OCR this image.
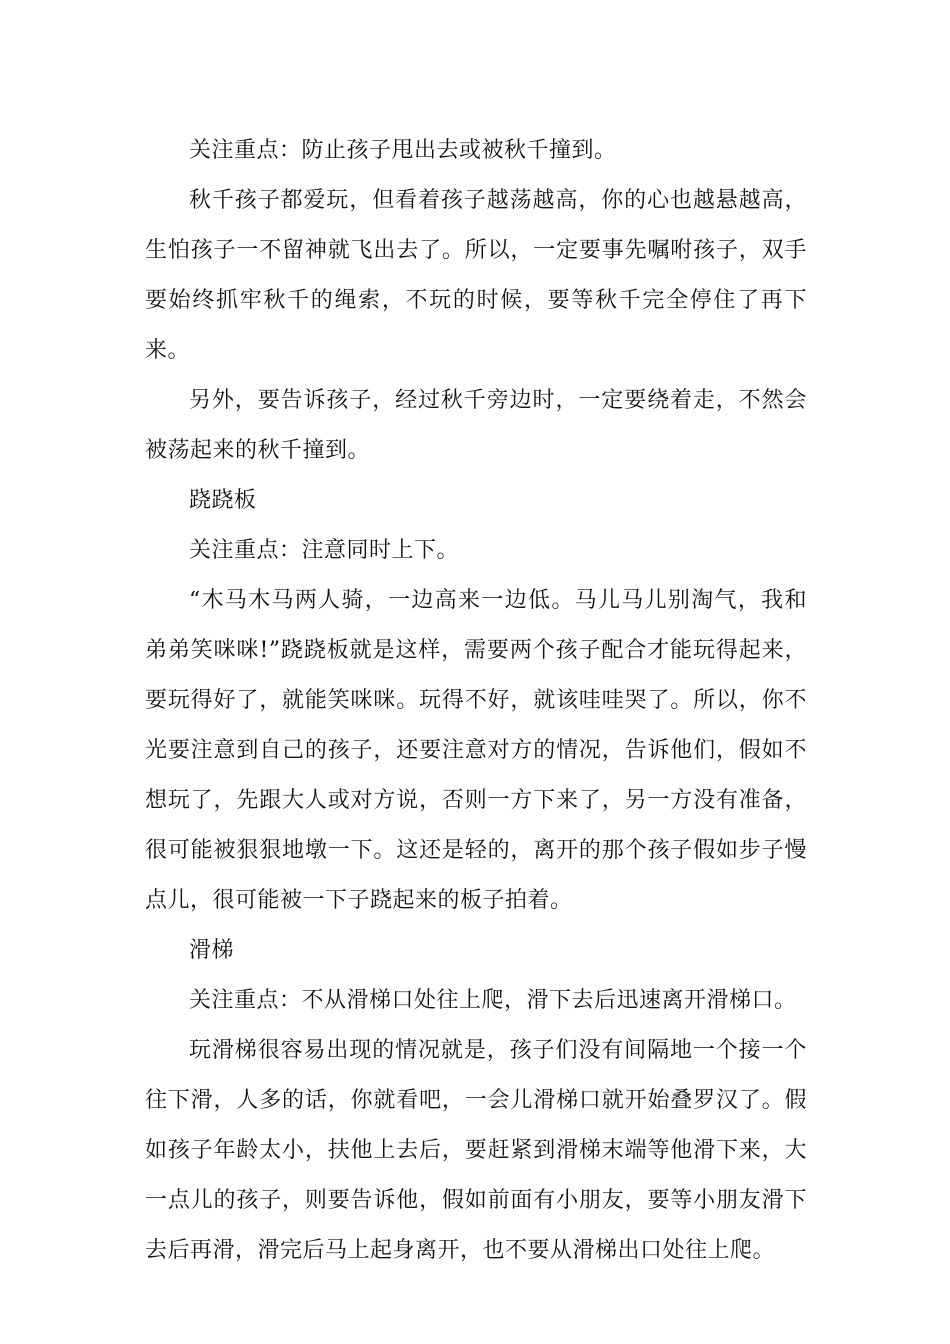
关注重点：防止孩子甩出去或被秋千撞到。

秋千孩子都爱玩，但看着孩子越荡越高，你的心也越悬越高，生怕孩子一不留神就飞出去了。所以，一定要事先嘱咐孩子，双手要始终抓牢秋千的绳索，不玩的时候，要等秋千完全停住了再下来。

另外，要告诉孩子，经过秋千旁边时，一定要绕着走，不然会被荡起来的秋千撞到。

跷跷板

关注重点：注意同时上下。

“木马木马两人骑，一边高来一边低。马儿马儿别淘气，我和弟弟笑咪咪!”跷跷板就是这样，需要两个孩子配合才能玩得起来，要玩得好了，就能笑咪咪。玩得不好，就该哇哇哭了。所以，你不光要注意到自己的孩子，还要注意对方的情况，告诉他们，假如不想玩了，先跟大人或对方说，否则一方下来了，另一方没有准备，很可能被狠狠地墩一下。这还是轻的，离开的那个孩子假如步子慢点儿，很可能被一下子跷起来的板子拍着。

滑梯

关注重点：不从滑梯口处往上爬，滑下去后迅速离开滑梯口。

玩滑梯很容易出现的情况就是，孩子们没有间隔地一个接一个往下滑，人多的话，你就看吧，一会儿滑梯口就开始叠罗汉了。假如孩子年龄太小，扶他上去后，要赶紧到滑梯末端等他滑下来，大一点儿的孩子，则要告诉他，假如前面有小朋友，要等小朋友滑下去后再滑，滑完后马上起身离开，也不要从滑梯出口处往上爬。
